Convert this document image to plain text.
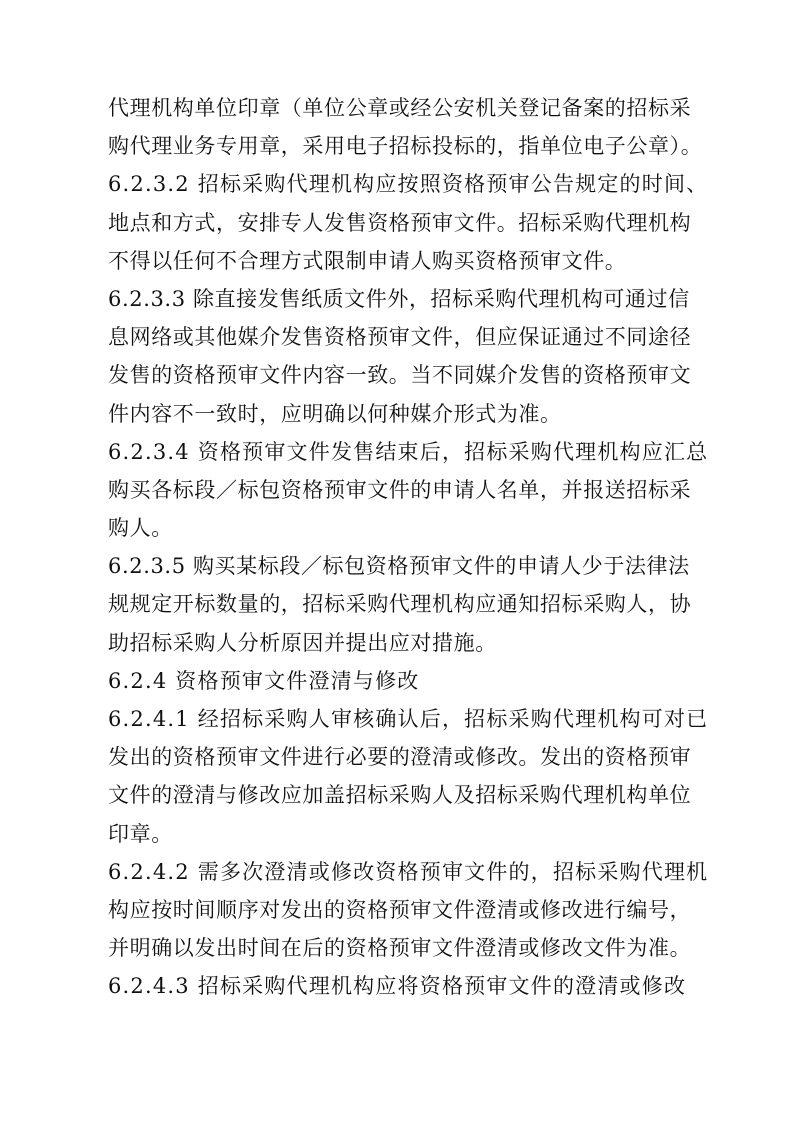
代理机构单位印章（单位公章或经公安机关登记备案的招标采
购代理业务专用章，采用电子招标投标的，指单位电子公章）。
6.2.3.2 招标采购代理机构应按照资格预审公告规定的时间、
地点和方式，安排专人发售资格预审文件。招标采购代理机构
不得以任何不合理方式限制申请人购买资格预审文件。
6.2.3.3 除直接发售纸质文件外，招标采购代理机构可通过信
息网络或其他媒介发售资格预审文件，但应保证通过不同途径
发售的资格预审文件内容一致。当不同媒介发售的资格预审文
件内容不一致时，应明确以何种媒介形式为准。
6.2.3.4 资格预审文件发售结束后，招标采购代理机构应汇总
购买各标段／标包资格预审文件的申请人名单，并报送招标采
购人。
6.2.3.5 购买某标段／标包资格预审文件的申请人少于法律法
规规定开标数量的，招标采购代理机构应通知招标采购人，协
助招标采购人分析原因并提出应对措施。
6.2.4 资格预审文件澄清与修改
6.2.4.1 经招标采购人审核确认后，招标采购代理机构可对已
发出的资格预审文件进行必要的澄清或修改。发出的资格预审
文件的澄清与修改应加盖招标采购人及招标采购代理机构单位
印章。
6.2.4.2 需多次澄清或修改资格预审文件的，招标采购代理机
构应按时间顺序对发出的资格预审文件澄清或修改进行编号，
并明确以发出时间在后的资格预审文件澄清或修改文件为准。
6.2.4.3 招标采购代理机构应将资格预审文件的澄清或修改
